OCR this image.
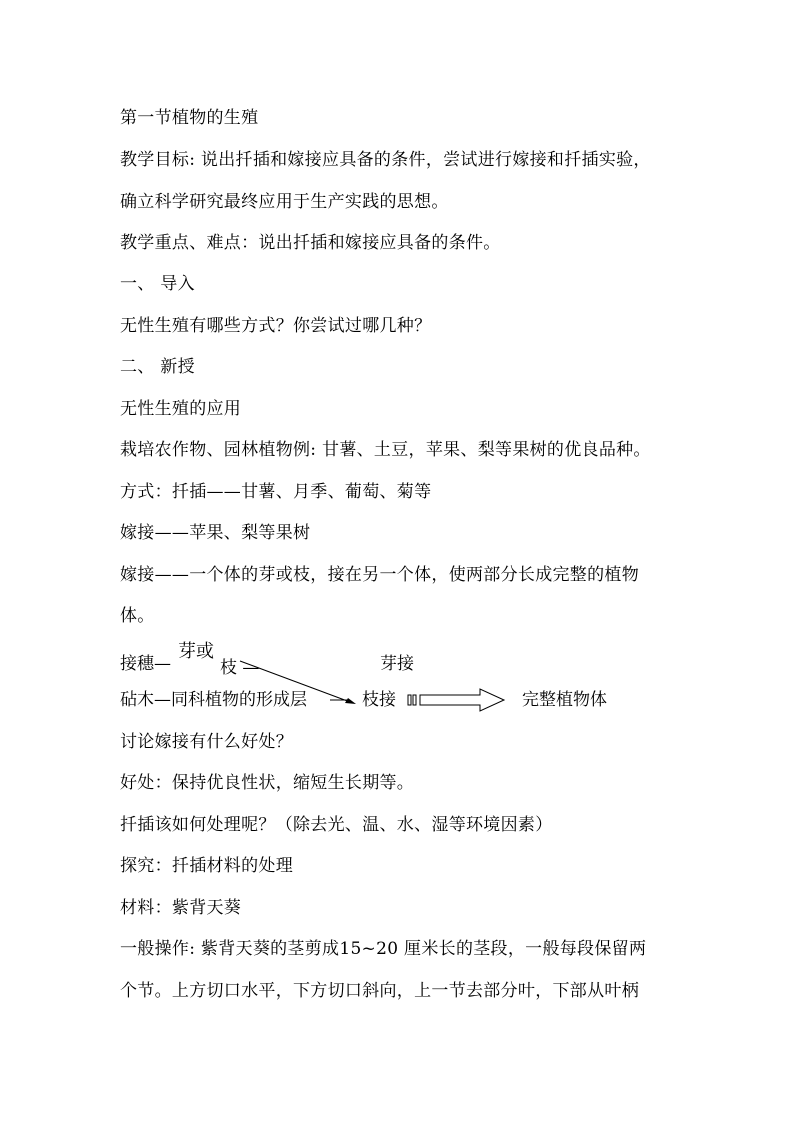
第一节植物的生殖

教学目标: 说出扦插和嫁接应具备的条件，尝试进行嫁接和扦插实验，

确立科学研究最终应用于生产实践的思想。

教学重点、难点：说出扦插和嫁接应具备的条件。

一、 导入

无性生殖有哪些方式？你尝试过哪几种？

二、 新授

无性生殖的应用

栽培农作物、园林植物例: 甘薯、土豆，苹果、梨等果树的优良品种。

方式：扦插——甘薯、月季、葡萄、菊等

嫁接——苹果、梨等果树

嫁接——一个体的芽或枝，接在另一个体，使两部分长成完整的植物

体。

接穗—
芽或
枝 —	芽接
砧木—同科植物的形成层	枝接	完整植物体

讨论嫁接有什么好处？

好处：保持优良性状，缩短生长期等。

扦插该如何处理呢？（除去光、温、水、湿等环境因素）

探究：扦插材料的处理

材料：紫背天葵

一般操作: 紫背天葵的茎剪成15~20 厘米长的茎段，一般每段保留两

个节。上方切口水平，下方切口斜向，上一节去部分叶，下部从叶柄
